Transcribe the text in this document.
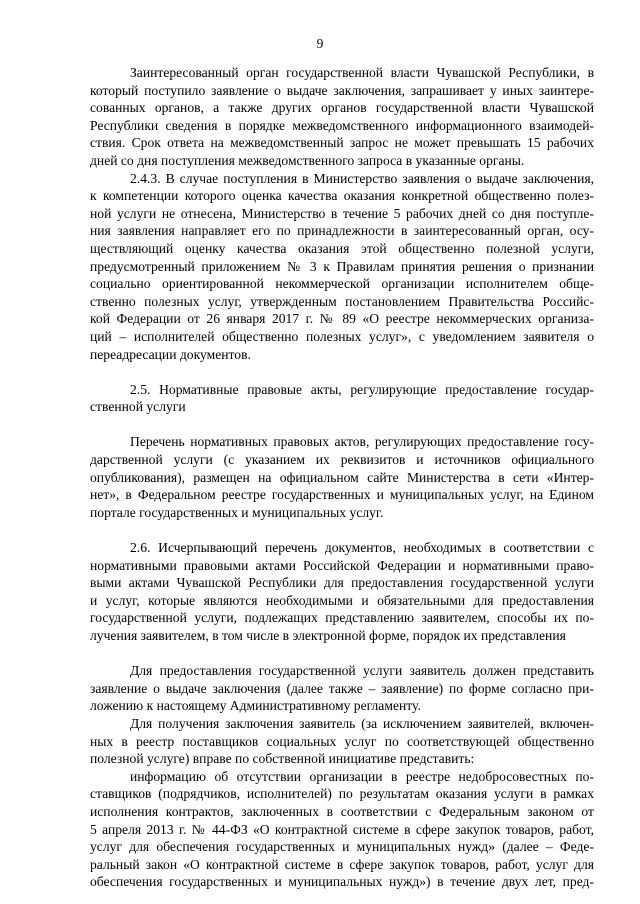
9
Заинтересованный орган государственной власти Чувашской Республики, в
который поступило заявление о выдаче заключения, запрашивает у иных заинтере-
сованных органов, а также других органов государственной власти Чувашской
Республики сведения в порядке межведомственного информационного взаимодей-
ствия. Срок ответа на межведомственный запрос не может превышать 15 рабочих
дней со дня поступления межведомственного запроса в указанные органы.
2.4.3. В случае поступления в Министерство заявления о выдаче заключения,
к компетенции которого оценка качества оказания конкретной общественно полез-
ной услуги не отнесена, Министерство в течение 5 рабочих дней со дня поступле-
ния заявления направляет его по принадлежности в заинтересованный орган, осу-
ществляющий оценку качества оказания этой общественно полезной услуги,
предусмотренный приложением № 3 к Правилам принятия решения о признании
социально ориентированной некоммерческой организации исполнителем обще-
ственно полезных услуг, утвержденным постановлением Правительства Российс-
кой Федерации от 26 января 2017 г. № 89 «О реестре некоммерческих организа-
ций – исполнителей общественно полезных услуг», с уведомлением заявителя о
переадресации документов.
2.5. Нормативные правовые акты, регулирующие предоставление государ-
ственной услуги
Перечень нормативных правовых актов, регулирующих предоставление госу-
дарственной услуги (с указанием их реквизитов и источников официального
опубликования), размещен на официальном сайте Министерства в сети «Интер-
нет», в Федеральном реестре государственных и муниципальных услуг, на Едином
портале государственных и муниципальных услуг.
2.6. Исчерпывающий перечень документов, необходимых в соответствии с
нормативными правовыми актами Российской Федерации и нормативными право-
выми актами Чувашской Республики для предоставления государственной услуги
и услуг, которые являются необходимыми и обязательными для предоставления
государственной услуги, подлежащих представлению заявителем, способы их по-
лучения заявителем, в том числе в электронной форме, порядок их представления
Для предоставления государственной услуги заявитель должен представить
заявление о выдаче заключения (далее также – заявление) по форме согласно при-
ложению к настоящему Административному регламенту.
Для получения заключения заявитель (за исключением заявителей, включен-
ных в реестр поставщиков социальных услуг по соответствующей общественно
полезной услуге) вправе по собственной инициативе представить:
информацию об отсутствии организации в реестре недобросовестных по-
ставщиков (подрядчиков, исполнителей) по результатам оказания услуги в рамках
исполнения контрактов, заключенных в соответствии с Федеральным законом от
5 апреля 2013 г. № 44-ФЗ «О контрактной системе в сфере закупок товаров, работ,
услуг для обеспечения государственных и муниципальных нужд» (далее – Феде-
ральный закон «О контрактной системе в сфере закупок товаров, работ, услуг для
обеспечения государственных и муниципальных нужд») в течение двух лет, пред-
